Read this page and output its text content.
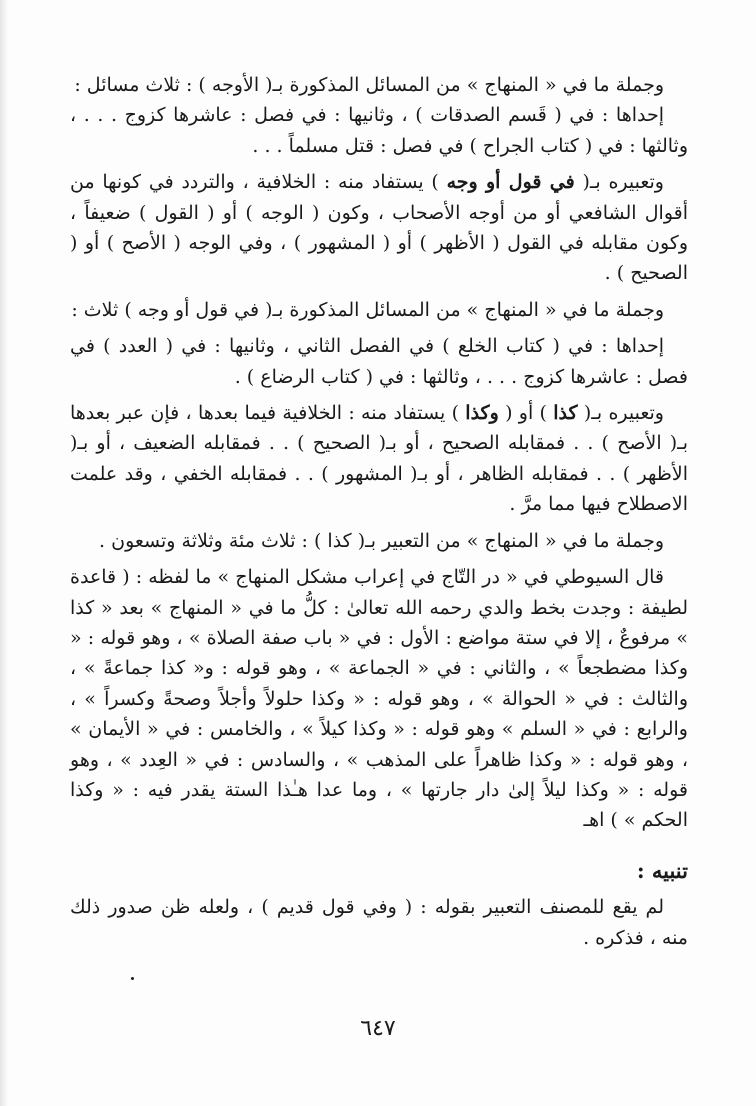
وجملة ما في « المنهاج » من المسائل المذكورة بـ( الأوجه ) : ثلاث مسائل :

إحداها : في ( قَسم الصدقات ) ، وثانيها : في فصل : عاشرها كزوج . . . ، وثالثها : في ( كتاب الجراح ) في فصل : قتل مسلماً . . .

وتعبيره بـ( في قول أو وجه ) يستفاد منه : الخلافية ، والتردد في كونها من أقوال الشافعي أو من أوجه الأصحاب ، وكون ( الوجه ) أو ( القول ) ضعيفاً ، وكون مقابله في القول ( الأظهر ) أو ( المشهور ) ، وفي الوجه ( الأصح ) أو ( الصحيح ) .

وجملة ما في « المنهاج » من المسائل المذكورة بـ( في قول أو وجه ) ثلاث :

إحداها : في ( كتاب الخلع ) في الفصل الثاني ، وثانيها : في ( العدد ) في فصل : عاشرها كزوج . . . ، وثالثها : في ( كتاب الرضاع ) .

وتعبيره بـ( كذا ) أو ( وكذا ) يستفاد منه : الخلافية فيما بعدها ، فإن عبر بعدها بـ( الأصح ) . . فمقابله الصحيح ، أو بـ( الصحيح ) . . فمقابله الضعيف ، أو بـ( الأظهر ) . . فمقابله الظاهر ، أو بـ( المشهور ) . . فمقابله الخفي ، وقد علمت الاصطلاح فيها مما مرَّ .

وجملة ما في « المنهاج » من التعبير بـ( كذا ) : ثلاث مئة وثلاثة وتسعون .

قال السيوطي في « در التّاج في إعراب مشكل المنهاج » ما لفظه : ( قاعدة لطيفة : وجدت بخط والدي رحمه الله تعالىٰ : كلُّ ما في « المنهاج » بعد « كذا » مرفوعٌ ، إلا في ستة مواضع : الأول : في « باب صفة الصلاة » ، وهو قوله : « وكذا مضطجعاً » ، والثاني : في « الجماعة » ، وهو قوله : و« كذا جماعةً » ، والثالث : في « الحوالة » ، وهو قوله : « وكذا حلولاً وأجلاً وصحةً وكسراً » ، والرابع : في « السلم » وهو قوله : « وكذا كيلاً » ، والخامس : في « الأيمان » ، وهو قوله : « وكذا ظاهراً على المذهب » ، والسادس : في « العِدد » ، وهو قوله : « وكذا ليلاً إلىٰ دار جارتها » ، وما عدا هـٰذا الستة يقدر فيه : « وكذا الحكم » ) اهـ

تنبيه :

لم يقع للمصنف التعبير بقوله : ( وفي قول قديم ) ، ولعله ظن صدور ذلك منه ، فذكره .

٦٤٧
